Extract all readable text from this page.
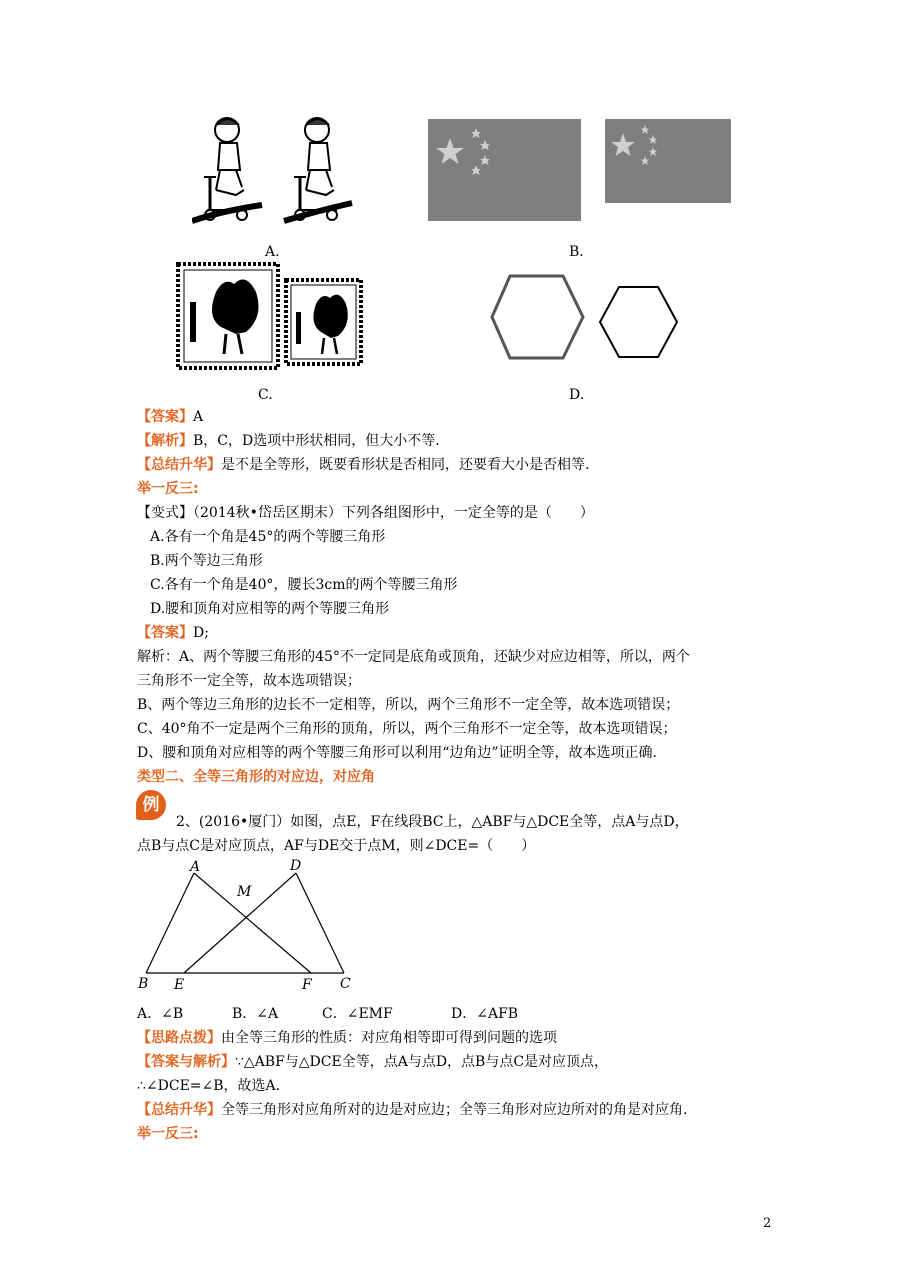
A.	B.
C.	D.
【答案】A
【解析】B，C，D选项中形状相同，但大小不等.
【总结升华】是不是全等形，既要看形状是否相同，还要看大小是否相等.
举一反三:
【变式】（2014秋•岱岳区期末）下列各组图形中，一定全等的是（　　）
A.各有一个角是45°的两个等腰三角形
B.两个等边三角形
C.各有一个角是40°，腰长3cm的两个等腰三角形
D.腰和顶角对应相等的两个等腰三角形
【答案】D;
解析：A、两个等腰三角形的45°不一定同是底角或顶角，还缺少对应边相等，所以，两个
三角形不一定全等，故本选项错误；
B、两个等边三角形的边长不一定相等，所以，两个三角形不一定全等，故本选项错误；
C、40°角不一定是两个三角形的顶角，所以，两个三角形不一定全等，故本选项错误；
D、腰和顶角对应相等的两个等腰三角形可以利用“边角边”证明全等，故本选项正确.
类型二、全等三角形的对应边，对应角
例
2、(2016•厦门）如图，点E，F在线段BC上，△ABF与△DCE全等，点A与点D，
点B与点C是对应顶点，AF与DE交于点M，则∠DCE=（　　）
A	D
M
B E	F C
A．∠B	B．∠A	C．∠EMF	D．∠AFB
【思路点拨】由全等三角形的性质：对应角相等即可得到问题的选项
【答案与解析】∵△ABF与△DCE全等，点A与点D，点B与点C是对应顶点，
∴∠DCE=∠B，故选A.
【总结升华】全等三角形对应角所对的边是对应边；全等三角形对应边所对的角是对应角.
举一反三:
2
